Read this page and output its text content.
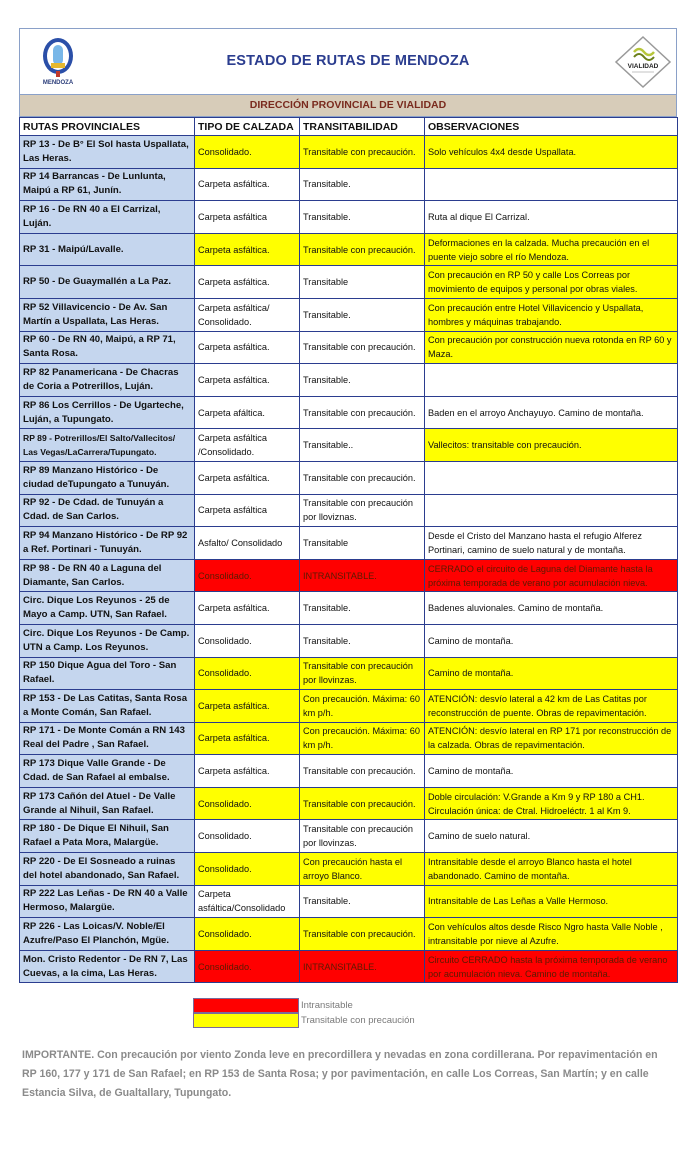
MENDOZA
ESTADO DE RUTAS DE MENDOZA	VIALIDAD
DIRECCIÓN PROVINCIAL DE VIALIDAD
RUTAS PROVINCIALES	TIPO DE CALZADA	TRANSITABILIDAD	OBSERVACIONES
RP 13 - De B° El Sol hasta Uspallata, Las Heras.	Consolidado.	Transitable con precaución.	Solo vehículos 4x4 desde Uspallata.
RP 14 Barrancas - De Lunlunta, Maipú a RP 61, Junín.	Carpeta asfáltica.	Transitable.	
RP 16 - De RN 40 a El Carrizal, Luján.	Carpeta asfáltica	Transitable.	Ruta al dique El Carrizal.
RP 31 - Maipú/Lavalle.	Carpeta asfáltica.	Transitable con precaución.	Deformaciones en la calzada. Mucha precaución en el puente viejo sobre el río Mendoza.
RP 50 - De Guaymallén a La Paz.	Carpeta asfáltica.	Transitable	Con precaución en RP 50 y calle Los Correas por movimiento de equipos y personal por obras viales.
RP 52 Villavicencio - De Av. San Martín a Uspallata, Las Heras.	Carpeta asfáltica/ Consolidado.	Transitable.	Con precaución entre Hotel Villavicencio y Uspallata, hombres y máquinas trabajando.
RP 60 - De RN 40, Maipú, a RP 71, Santa Rosa.	Carpeta asfáltica.	Transitable con precaución.	Con precaución por construcción nueva rotonda en RP 60 y Maza.
RP 82 Panamericana - De Chacras de Coria a Potrerillos, Luján.	Carpeta asfáltica.	Transitable.	
RP 86 Los Cerrillos - De Ugarteche, Luján, a Tupungato.	Carpeta afáltica.	Transitable con precaución.	Baden en el arroyo Anchayuyo. Camino de montaña.
RP 89 - Potrerillos/El Salto/Vallecitos/ Las Vegas/LaCarrera/Tupungato.	Carpeta asfáltica /Consolidado.	Transitable..	Vallecitos: transitable con precaución.
RP 89 Manzano Histórico - De ciudad deTupungato a Tunuyán.	Carpeta asfáltica.	Transitable con precaución.	
RP 92 - De Cdad. de Tunuyán a Cdad. de San Carlos.	Carpeta asfáltica	Transitable con precaución por lloviznas.	
RP 94 Manzano Histórico - De RP 92 a Ref. Portinari - Tunuyán.	Asfalto/ Consolidado	Transitable	Desde el Cristo del Manzano hasta el refugio Alferez Portinari, camino de suelo natural y de montaña.
RP 98 - De RN 40 a Laguna del Diamante, San Carlos.	Consolidado.	INTRANSITABLE.	CERRADO el circuito de Laguna del Diamante hasta la próxima temporada de verano por acumulación nieva.
Circ. Dique Los Reyunos - 25 de Mayo a Camp. UTN, San Rafael.	Carpeta asfáltica.	Transitable.	Badenes aluvionales. Camino de montaña.
Circ. Dique Los Reyunos - De Camp. UTN a Camp. Los Reyunos.	Consolidado.	Transitable.	Camino de montaña.
RP 150 Dique Agua del Toro - San Rafael.	Consolidado.	Transitable con precaución por llovinzas.	Camino de montaña.
RP 153 - De Las Catitas, Santa Rosa a Monte Comán, San Rafael.	Carpeta asfáltica.	Con precaución. Máxima: 60 km p/h.	ATENCIÓN: desvío lateral a 42 km de Las Catitas por reconstrucción de puente. Obras de repavimentación.
RP 171 - De Monte Comán a RN 143 Real del Padre , San Rafael.	Carpeta asfáltica.	Con precaución. Máxima: 60 km p/h.	ATENCIÓN: desvío lateral en RP 171 por reconstrucción de la calzada. Obras de repavimentación.
RP 173 Dique Valle Grande - De Cdad. de San Rafael al embalse.	Carpeta asfáltica.	Transitable con precaución.	Camino de montaña.
RP 173 Cañón del Atuel - De Valle Grande al Nihuil, San Rafael.	Consolidado.	Transitable con precaución.	Doble circulación: V.Grande a Km 9 y RP 180 a CH1. Circulación única: de Ctral. Hidroeléctr. 1 al Km 9.
RP 180 - De Dique El Nihuil, San Rafael a Pata Mora, Malargüe.	Consolidado.	Transitable con precaución por llovinzas.	Camino de suelo natural.
RP 220 - De El Sosneado a ruinas del hotel abandonado, San Rafael.	Consolidado.	Con precaución hasta el arroyo Blanco.	Intransitable desde el arroyo Blanco hasta el hotel abandonado. Camino de montaña.
RP 222 Las Leñas - De RN 40 a Valle Hermoso, Malargüe.	Carpeta asfáltica/Consolidado	Transitable.	Intransitable de Las Leñas a Valle Hermoso.
RP 226 - Las Loicas/V. Noble/El Azufre/Paso El Planchón, Mgüe.	Consolidado.	Transitable con precaución.	Con vehículos altos desde Risco Ngro hasta Valle Noble , intransitable por nieve al Azufre.
Mon. Cristo Redentor - De RN 7, Las Cuevas, a la cima, Las Heras.	Consolidado.	INTRANSITABLE.	Circuito CERRADO hasta la próxima temporada de verano por acumulación nieva. Camino de montaña.
Intransitable
Transitable con precaución
IMPORTANTE. Con precaución por viento Zonda leve en precordillera y nevadas en zona cordillerana. Por repavimentación en RP 160, 177 y 171 de San Rafael; en RP 153 de Santa Rosa; y por pavimentación, en calle Los Correas, San Martín; y en calle Estancia Silva, de Gualtallary, Tupungato.
